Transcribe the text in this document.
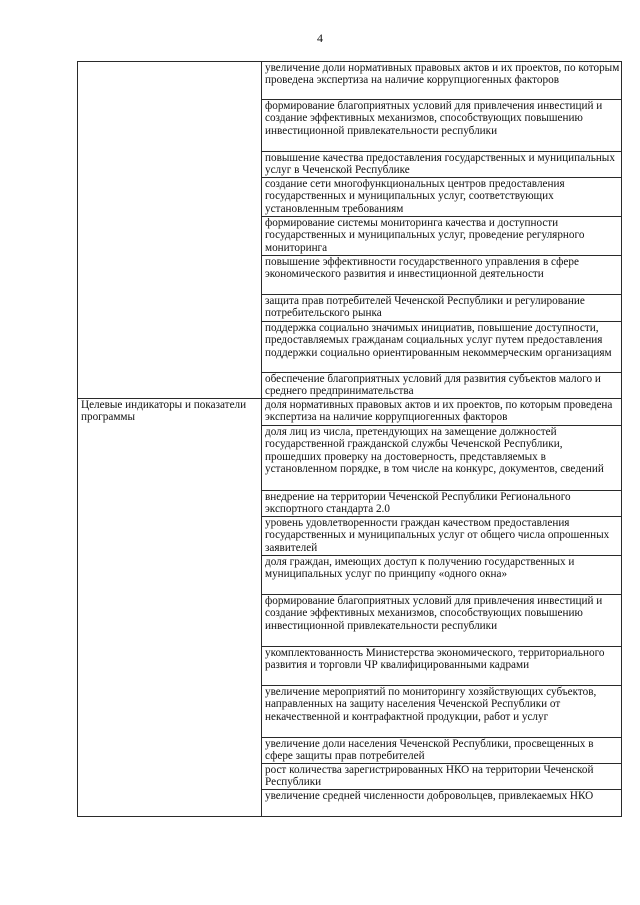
4
	увеличение доли нормативных правовых актов и их проектов, по которым проведена экспертиза на наличие коррупциогенных факторов
	формирование благоприятных условий для привлечения инвестиций и создание эффективных механизмов, способствующих повышению инвестиционной привлекательности республики
	повышение качества предоставления государственных и муниципальных услуг в Чеченской Республике
	создание сети многофункциональных центров предоставления государственных и муниципальных услуг, соответствующих установленным требованиям
	формирование системы мониторинга качества и доступности государственных и муниципальных услуг, проведение регулярного мониторинга
	повышение эффективности государственного управления в сфере экономического развития и инвестиционной деятельности
	защита прав потребителей Чеченской Республики и регулирование потребительского рынка
	поддержка социально значимых инициатив, повышение доступности, предоставляемых гражданам социальных услуг путем предоставления поддержки социально ориентированным некоммерческим организациям
	обеспечение благоприятных условий для развития субъектов малого и среднего предпринимательства
Целевые индикаторы и показатели программы	доля нормативных правовых актов и их проектов, по которым проведена экспертиза на наличие коррупциогенных факторов
	доля лиц из числа, претендующих на замещение должностей государственной гражданской службы Чеченской Республики, прошедших проверку на достоверность, представляемых в установленном порядке, в том числе на конкурс, документов, сведений
	внедрение на территории Чеченской Республики Регионального экспортного стандарта 2.0
	уровень удовлетворенности граждан качеством предоставления государственных и муниципальных услуг от общего числа опрошенных заявителей
	доля граждан, имеющих доступ к получению государственных и муниципальных услуг по принципу «одного окна»
	формирование благоприятных условий для привлечения инвестиций и создание эффективных механизмов, способствующих повышению инвестиционной привлекательности республики
	укомплектованность Министерства экономического, территориального развития и торговли ЧР квалифицированными кадрами
	увеличение мероприятий по мониторингу хозяйствующих субъектов, направленных на защиту населения Чеченской Республики от некачественной и контрафактной продукции, работ и услуг
	увеличение доли населения Чеченской Республики, просвещенных в сфере защиты прав потребителей
	рост количества зарегистрированных НКО на территории Чеченской Республики
	увеличение средней численности добровольцев, привлекаемых НКО
